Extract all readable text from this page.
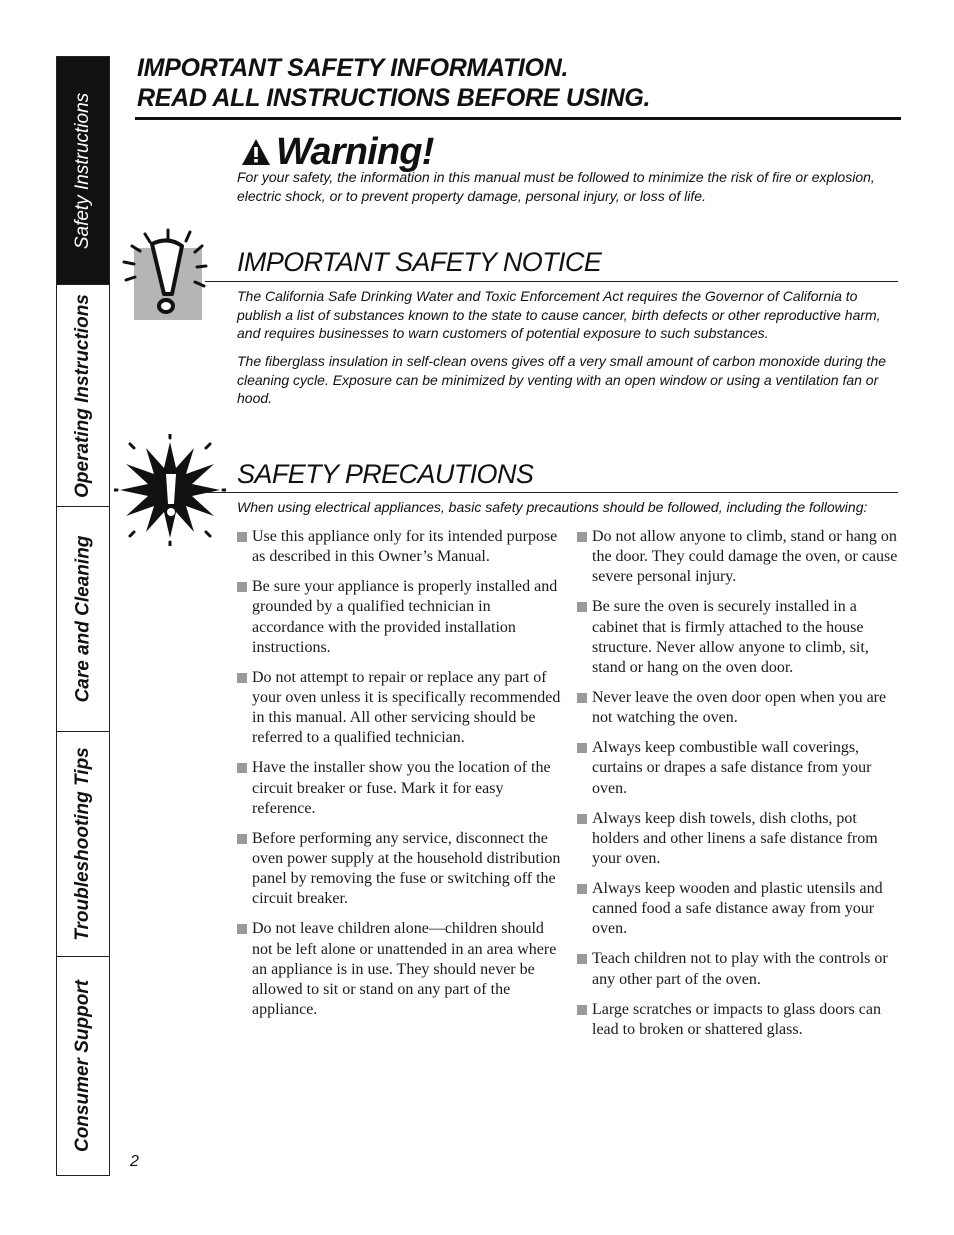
Safety Instructions
Operating Instructions
Care and Cleaning
Troubleshooting Tips
Consumer Support
IMPORTANT SAFETY INFORMATION.
READ ALL INSTRUCTIONS BEFORE USING.
Warning!
For your safety, the information in this manual must be followed to minimize the risk of fire or explosion, electric shock, or to prevent property damage, personal injury, or loss of life.
IMPORTANT SAFETY NOTICE
The California Safe Drinking Water and Toxic Enforcement Act requires the Governor of California to publish a list of substances known to the state to cause cancer, birth defects or other reproductive harm, and requires businesses to warn customers of potential exposure to such substances.
The fiberglass insulation in self-clean ovens gives off a very small amount of carbon monoxide during the cleaning cycle. Exposure can be minimized by venting with an open window or using a ventilation fan or hood.
SAFETY PRECAUTIONS
When using electrical appliances, basic safety precautions should be followed, including the following:
Use this appliance only for its intended purpose as described in this Owner’s Manual.
Be sure your appliance is properly installed and grounded by a qualified technician in accordance with the provided installation instructions.
Do not attempt to repair or replace any part of your oven unless it is specifically recommended in this manual. All other servicing should be referred to a qualified technician.
Have the installer show you the location of the circuit breaker or fuse. Mark it for easy reference.
Before performing any service, disconnect the oven power supply at the household distribution panel by removing the fuse or switching off the circuit breaker.
Do not leave children alone—children should not be left alone or unattended in an area where an appliance is in use. They should never be allowed to sit or stand on any part of the appliance.
Do not allow anyone to climb, stand or hang on the door. They could damage the oven, or cause severe personal injury.
Be sure the oven is securely installed in a cabinet that is firmly attached to the house structure. Never allow anyone to climb, sit, stand or hang on the oven door.
Never leave the oven door open when you are not watching the oven.
Always keep combustible wall coverings, curtains or drapes a safe distance from your oven.
Always keep dish towels, dish cloths, pot holders and other linens a safe distance from your oven.
Always keep wooden and plastic utensils and canned food a safe distance away from your oven.
Teach children not to play with the controls or any other part of the oven.
Large scratches or impacts to glass doors can lead to broken or shattered glass.
2
